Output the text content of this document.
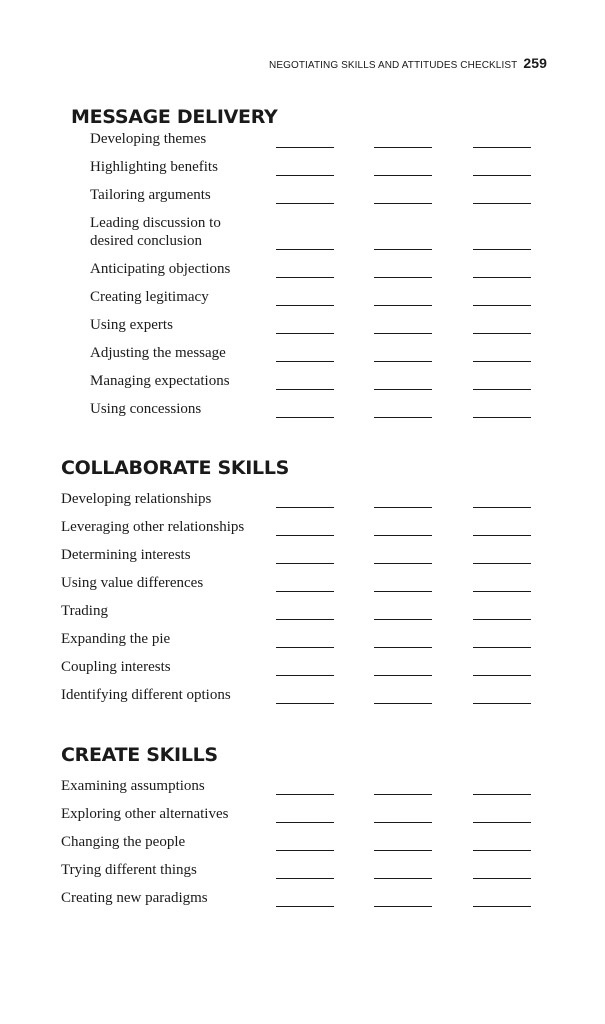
NEGOTIATING SKILLS AND ATTITUDES CHECKLIST 259
MESSAGE DELIVERY
Developing themes
Highlighting benefits
Tailoring arguments
Leading discussion to
desired conclusion
Anticipating objections
Creating legitimacy
Using experts
Adjusting the message
Managing expectations
Using concessions
COLLABORATE SKILLS
Developing relationships
Leveraging other relationships
Determining interests
Using value differences
Trading
Expanding the pie
Coupling interests
Identifying different options
CREATE SKILLS
Examining assumptions
Exploring other alternatives
Changing the people
Trying different things
Creating new paradigms
